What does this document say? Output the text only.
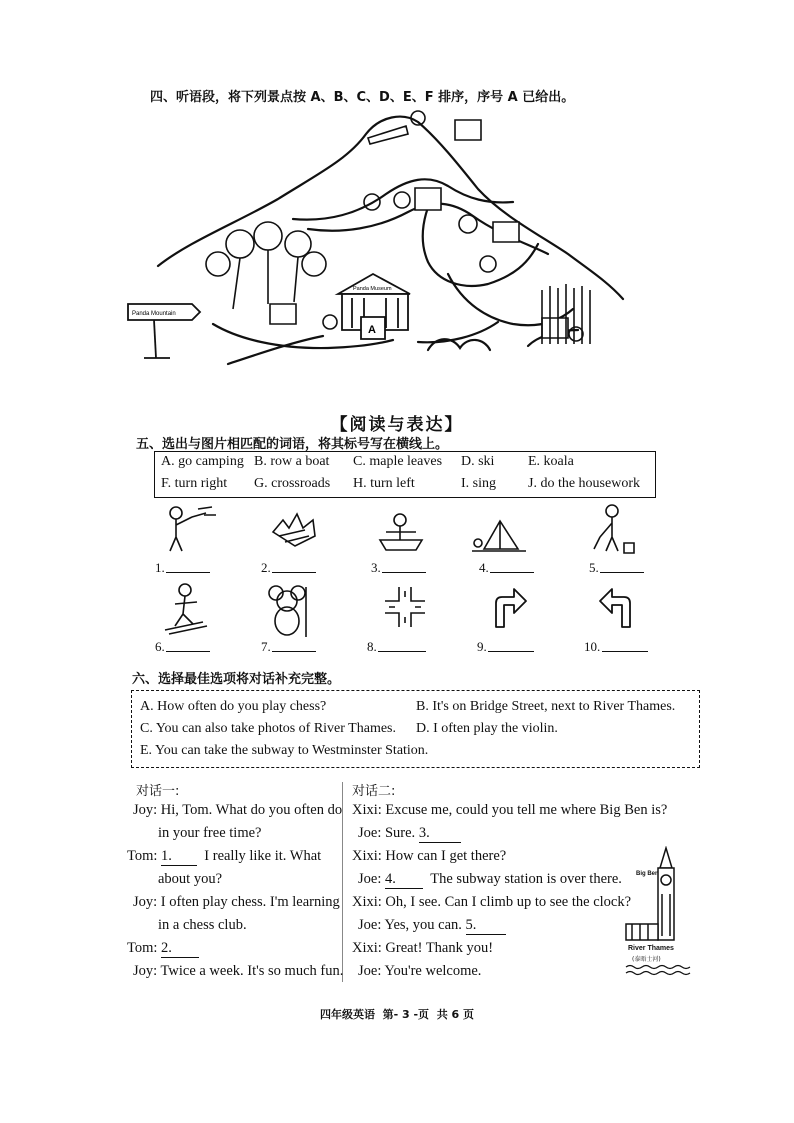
四、听语段，将下列景点按 A、B、C、D、E、F 排序，序号 A 已给出。
Panda Mountain
Panda Museum
A
【阅读与表达】
五、选出与图片相匹配的词语，将其标号写在横线上。
A. go camping B. row a boat C. maple leaves D. ski E. koala
F. turn right G. crossroads H. turn left	I. sing J. do the housework
1.	2.	3.	4.	5.
6.	7.	8.	9.	10.
六、选择最佳选项将对话补充完整。
A. How often do you play chess?	B. It's on Bridge Street, next to River Thames.
C. You can also take photos of River Thames. D. I often play the violin.
E. You can take the subway to Westminster Station.
对话一:
Joy: Hi, Tom. What do you often do
in your free time?
Tom: 1. I really like it. What
about you?
Joy: I often play chess. I'm learning
in a chess club.
Tom: 2.
Joy: Twice a week. It's so much fun.
对话二:
Xixi: Excuse me, could you tell me where Big Ben is?
Joe: Sure. 3.
Xixi: How can I get there?
Joe: 4. The subway station is over there.
Xixi: Oh, I see. Can I climb up to see the clock?
Joe: Yes, you can. 5.
Xixi: Great! Thank you!
Joe: You're welcome.
Big Ben
River Thames
(泰晤士河)
四年级英语  第- 3 -页  共 6 页
